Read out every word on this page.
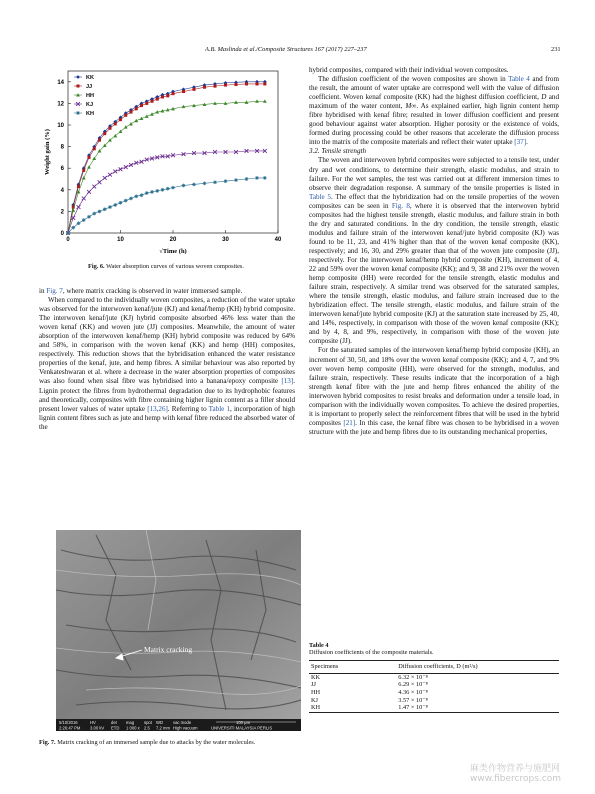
A.B. Maslinda et al./Composite Structures 167 (2017) 227–237	231
0	10	20	30	40
0
2
4
6
8
10
12
14
√Time (h)
Weight gain (%)
KK
JJ
HH
KJ
KH
Fig. 6. Water absorption curves of various woven composites.

in Fig. 7, where matrix cracking is observed in water immersed sample.

When compared to the individually woven composites, a reduction of the water uptake was observed for the interwoven kenaf/jute (KJ) and kenaf/hemp (KH) hybrid composite. The interwoven kenaf/jute (KJ) hybrid composite absorbed 46% less water than the woven kenaf (KK) and woven jute (JJ) composites. Meanwhile, the amount of water absorption of the interwoven kenaf/hemp (KH) hybrid composite was reduced by 64% and 58%, in comparison with the woven kenaf (KK) and hemp (HH) composites, respectively. This reduction shows that the hybridisation enhanced the water resistance properties of the kenaf, jute, and hemp fibres. A similar behaviour was also reported by Venkateshwaran et al. where a decrease in the water absorption properties of composites was also found when sisal fibre was hybridised into a banana/epoxy composite [13]. Lignin protect the fibres from hydrothermal degradation due to its hydrophobic features and theoretically, composites with fibre containing higher lignin content as a filler should present lower values of water uptake [13,26]. Referring to Table 1, incorporation of high lignin content fibres such as jute and hemp with kenaf fibre reduced the absorbed water of the

Matrix cracking
5/10/2016
2:26:47 PM
HV
3.00 kV
det
ETD
mag
1 000 x
spot
2.5
WD
7.2 mm
vac mode
High vacuum
100 μm
UNIVERSITI MALAYSIA PERLIS
Fig. 7. Matrix cracking of an immersed sample due to attacks by the water molecules.

hybrid composites, compared with their individual woven composites.

The diffusion coefficient of the woven composites are shown in Table 4 and from the result, the amount of water uptake are correspond well with the value of diffusion coefficient. Woven kenaf composite (KK) had the highest diffusion coefficient, D and maximum of the water content, M∞. As explained earlier, high lignin content hemp fibre hybridised with kenaf fibre; resulted in lower diffusion coefficient and present good behaviour against water absorption. Higher porosity or the existence of voids, formed during processing could be other reasons that accelerate the diffusion process into the matrix of the composite materials and reflect their water uptake [37].

3.2. Tensile strength

The woven and interwoven hybrid composites were subjected to a tensile test, under dry and wet conditions, to determine their strength, elastic modulus, and strain to failure. For the wet samples, the test was carried out at different immersion times to observe their degradation response. A summary of the tensile properties is listed in Table 5. The effect that the hybridization had on the tensile properties of the woven composites can be seen in Fig. 8, where it is observed that the interwoven hybrid composites had the highest tensile strength, elastic modulus, and failure strain in both the dry and saturated conditions. In the dry condition, the tensile strength, elastic modulus and failure strain of the interwoven kenaf/jute hybrid composite (KJ) was found to be 11, 23, and 41% higher than that of the woven kenaf composite (KK), respectively; and 16, 30, and 29% greater than that of the woven jute composite (JJ), respectively. For the interwoven kenaf/hemp hybrid composite (KH), increment of 4, 22 and 59% over the woven kenaf composite (KK); and 9, 38 and 21% over the woven hemp composite (HH) were recorded for the tensile strength, elastic modulus and failure strain, respectively. A similar trend was observed for the saturated samples, where the tensile strength, elastic modulus, and failure strain increased due to the hybridization effect. The tensile strength, elastic modulus, and failure strain of the interwoven kenaf/jute hybrid composite (KJ) at the saturation state increased by 25, 40, and 14%, respectively, in comparison with those of the woven kenaf composite (KK); and by 4, 8, and 9%, respectively, in comparison with those of the woven jute composite (JJ).

For the saturated samples of the interwoven kenaf/hemp hybrid composite (KH), an increment of 30, 50, and 18% over the woven kenaf composite (KK); and 4, 7, and 9% over woven hemp composite (HH), were observed for the strength, modulus, and failure strain, respectively. These results indicate that the incorporation of a high strength kenaf fibre with the jute and hemp fibres enhanced the ability of the interwoven hybrid composites to resist breaks and deformation under a tensile load, in comparison with the individually woven composites. To achieve the desired properties, it is important to properly select the reinforcement fibres that will be used in the hybrid composites [21]. In this case, the kenaf fibre was chosen to be hybridised in a woven structure with the jute and hemp fibres due to its outstanding mechanical properties,

Table 4
Diffusion coefficients of the composite materials.
Specimens	Diffusion coefficients, D (m²/s)
KK	6.32 × 10⁻⁸
JJ	6.29 × 10⁻⁸
HH	4.36 × 10⁻⁸
KJ	3.57 × 10⁻⁸
KH	1.47 × 10⁻⁸
麻类作物营养与施肥网
www.fibercrops.com
